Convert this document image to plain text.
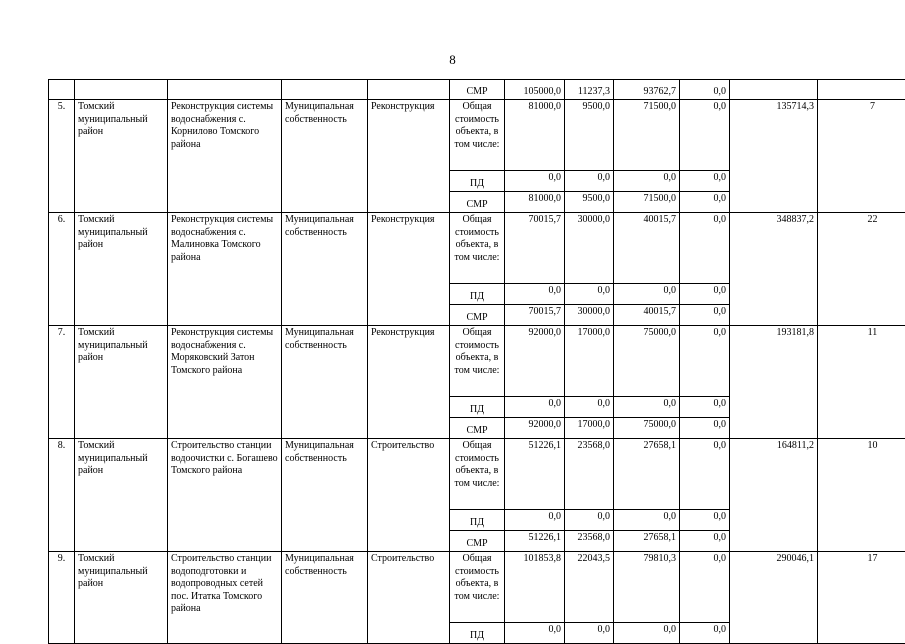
8
					СМР	105000,0	11237,3	93762,7	0,0		
5.	Томский муниципальный район	Реконструкция системы водоснабжения с. Корнилово Томского района	Муниципальная собственность	Реконструкция	Общая стоимость объекта, в том числе:	81000,0	9500,0	71500,0	0,0	135714,3	7
					ПД	0,0	0,0	0,0	0,0		
					СМР	81000,0	9500,0	71500,0	0,0		
6.	Томский муниципальный район	Реконструкция системы водоснабжения с. Малиновка Томского района	Муниципальная собственность	Реконструкция	Общая стоимость объекта, в том числе:	70015,7	30000,0	40015,7	0,0	348837,2	22
					ПД	0,0	0,0	0,0	0,0		
					СМР	70015,7	30000,0	40015,7	0,0		
7.	Томский муниципальный район	Реконструкция системы водоснабжения с. Моряковский Затон Томского района	Муниципальная собственность	Реконструкция	Общая стоимость объекта, в том числе:	92000,0	17000,0	75000,0	0,0	193181,8	11
					ПД	0,0	0,0	0,0	0,0		
					СМР	92000,0	17000,0	75000,0	0,0		
8.	Томский муниципальный район	Строительство станции водоочистки с. Богашево Томского района	Муниципальная собственность	Строительство	Общая стоимость объекта, в том числе:	51226,1	23568,0	27658,1	0,0	164811,2	10
					ПД	0,0	0,0	0,0	0,0		
					СМР	51226,1	23568,0	27658,1	0,0		
9.	Томский муниципальный район	Строительство станции водоподготовки и водопроводных сетей пос. Итатка Томского района	Муниципальная собственность	Строительство	Общая стоимость объекта, в том числе:	101853,8	22043,5	79810,3	0,0	290046,1	17
					ПД	0,0	0,0	0,0	0,0		
